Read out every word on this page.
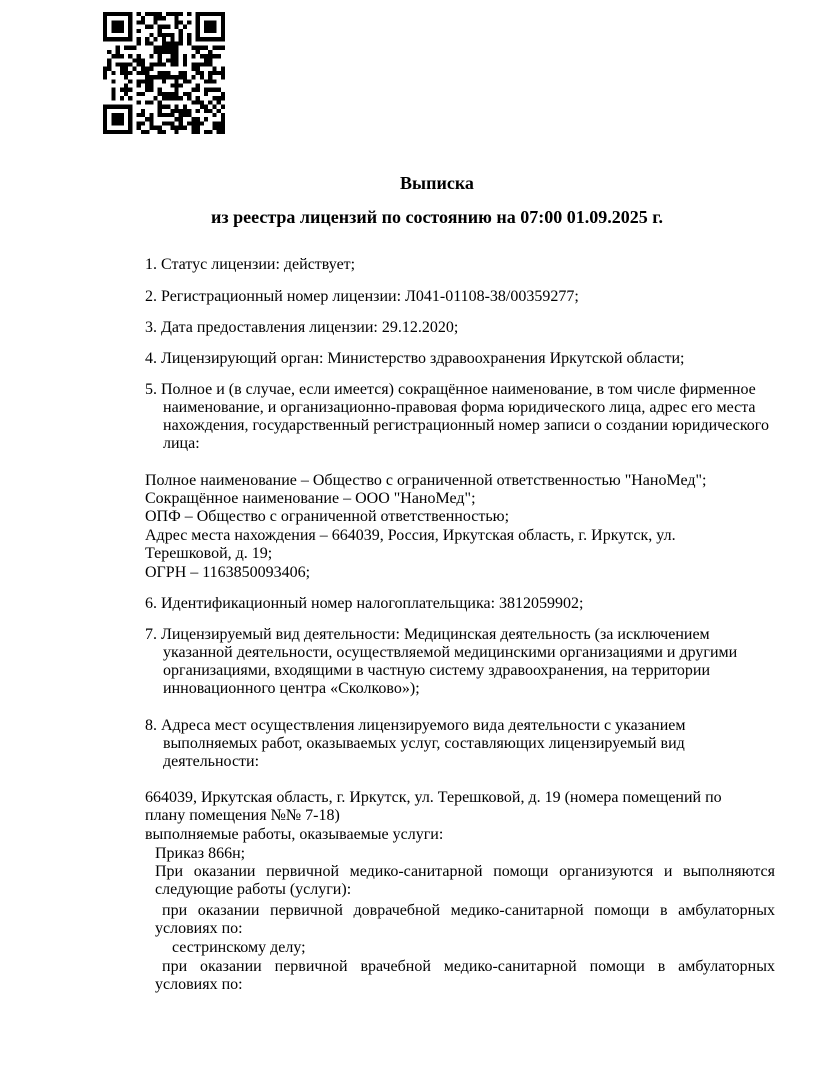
Выписка
из реестра лицензий по состоянию на 07:00 01.09.2025 г.
1. Статус лицензии: действует;
2. Регистрационный номер лицензии: Л041-01108-38/00359277;
3. Дата предоставления лицензии: 29.12.2020;
4. Лицензирующий орган: Министерство здравоохранения Иркутской области;
5. Полное и (в случае, если имеется) сокращённое наименование, в том числе фирменное наименование, и организационно-правовая форма юридического лица, адрес его места нахождения, государственный регистрационный номер записи о создании юридического лица:
Полное наименование – Общество с ограниченной ответственностью "НаноМед";
Сокращённое наименование – ООО "НаноМед";
ОПФ – Общество с ограниченной ответственностью;
Адрес места нахождения – 664039, Россия, Иркутская область, г. Иркутск, ул. Терешковой, д. 19;
ОГРН – 1163850093406;
6. Идентификационный номер налогоплательщика: 3812059902;
7. Лицензируемый вид деятельности: Медицинская деятельность (за исключением указанной деятельности, осуществляемой медицинскими организациями и другими организациями, входящими в частную систему здравоохранения, на территории инновационного центра «Сколково»);
8. Адреса мест осуществления лицензируемого вида деятельности с указанием выполняемых работ, оказываемых услуг, составляющих лицензируемый вид деятельности:
664039, Иркутская область, г. Иркутск, ул. Терешковой, д. 19 (номера помещений по плану помещения №№ 7-18)
выполняемые работы, оказываемые услуги:
Приказ 866н;
При оказании первичной медико-санитарной помощи организуются и выполняются следующие работы (услуги):
при оказании первичной доврачебной медико-санитарной помощи в амбулаторных условиях по:
сестринскому делу;
при оказании первичной врачебной медико-санитарной помощи в амбулаторных условиях по:
